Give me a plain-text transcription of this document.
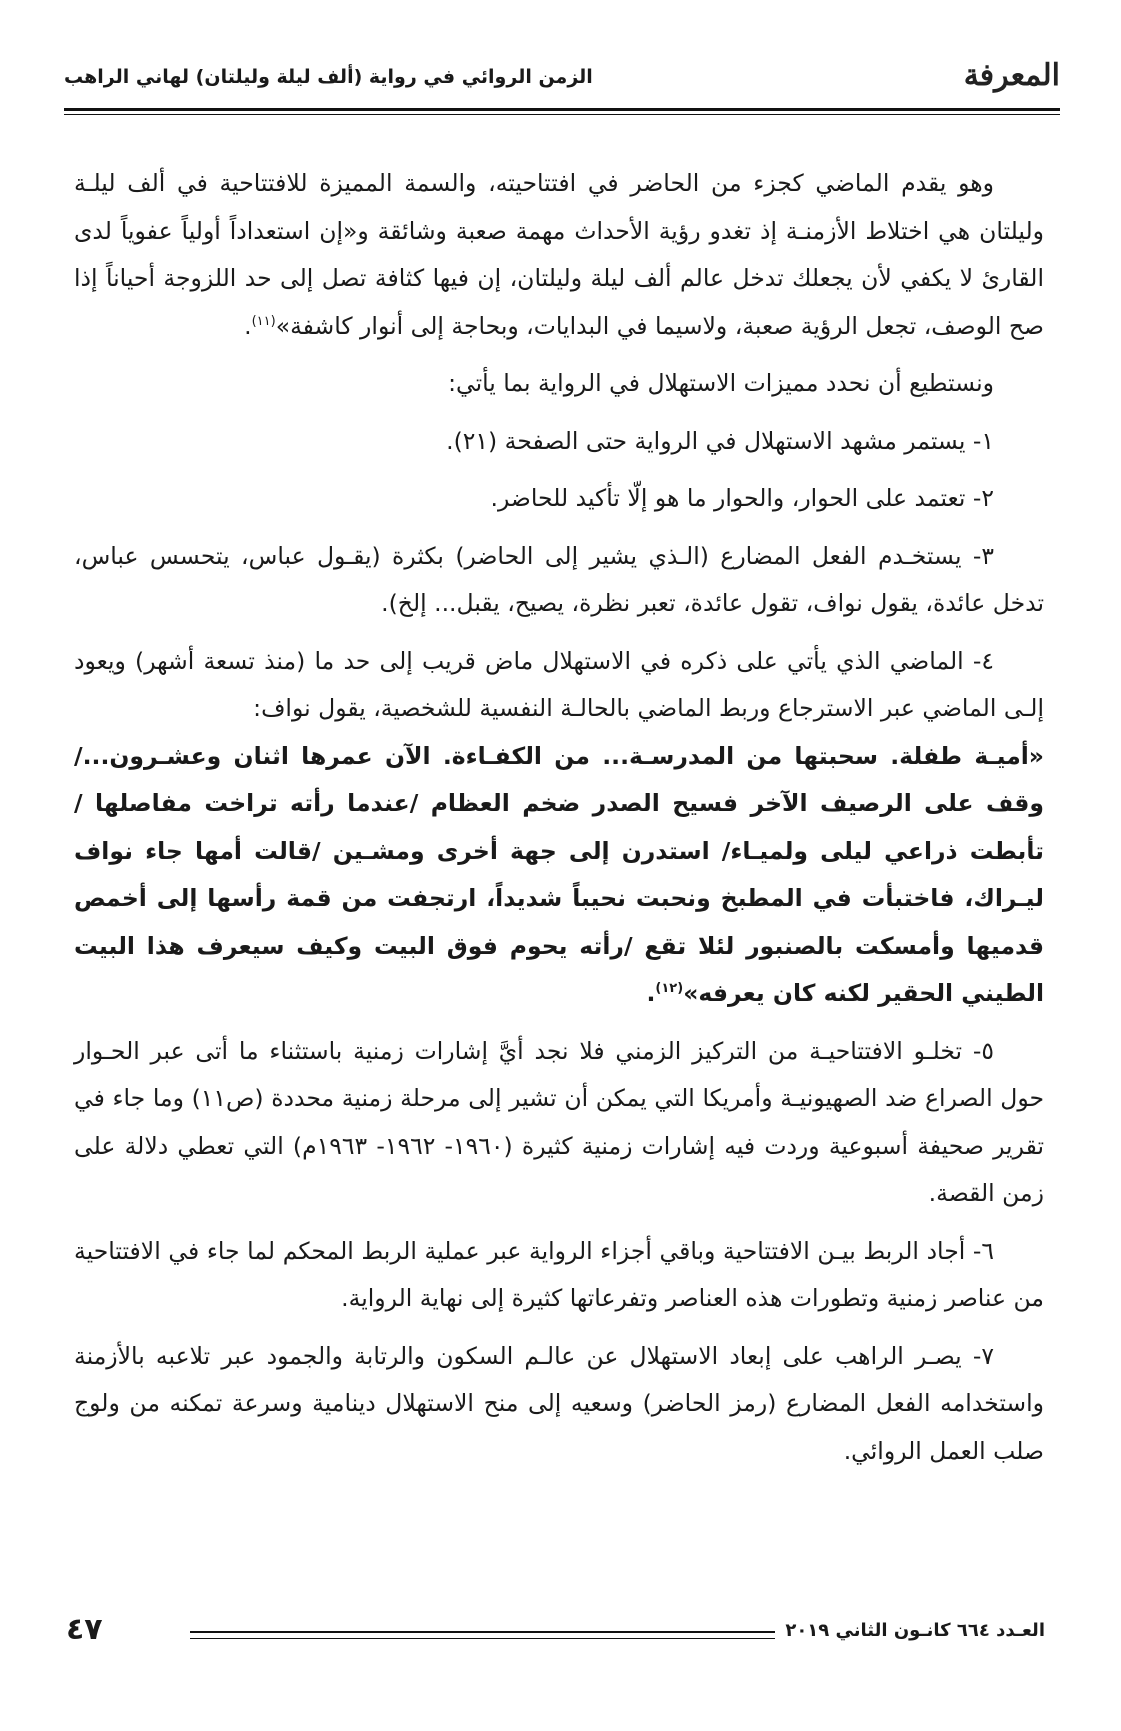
المعرفة
الزمن الروائي في رواية (ألف ليلة وليلتان) لهاني الراهب

وهو يقدم الماضي كجزء من الحاضر في افتتاحيته، والسمة المميزة للافتتاحية في ألف ليلـة وليلتان هي اختلاط الأزمنـة إذ تغدو رؤية الأحداث مهمة صعبة وشائقة و«إن استعداداً أولياً عفوياً لدى القارئ لا يكفي لأن يجعلك تدخل عالم ألف ليلة وليلتان، إن فيها كثافة تصل إلى حد اللزوجة أحياناً إذا صح الوصف، تجعل الرؤية صعبة، ولاسيما في البدايات، وبحاجة إلى أنوار كاشفة»$^{(١١)}$.

ونستطيع أن نحدد مميزات الاستهلال في الرواية بما يأتي:

١- يستمر مشهد الاستهلال في الرواية حتى الصفحة (٢١).

٢- تعتمد على الحوار، والحوار ما هو إلّا تأكيد للحاضر.

٣- يستخـدم الفعل المضارع (الـذي يشير إلى الحاضر) بكثرة (يقـول عباس، يتحسس عباس، تدخل عائدة، يقول نواف، تقول عائدة، تعبر نظرة، يصيح، يقبل... إلخ).

٤- الماضي الذي يأتي على ذكره في الاستهلال ماض قريب إلى حد ما (منذ تسعة أشهر) ويعود إلـى الماضي عبر الاسترجاع وربط الماضي بالحالـة النفسية للشخصية، يقول نواف:

«أميـة طفلة. سحبتها من المدرسـة... من الكفـاءة. الآن عمرها اثنان وعشـرون.../ وقف على الرصيف الآخر فسيح الصدر ضخم العظام /عندما رأته تراخت مفاصلها / تأبطت ذراعي ليلى ولميـاء/ استدرن إلى جهة أخرى ومشـين /قالت أمها جاء نواف ليـراك، فاختبأت في المطبخ ونحبت نحيباً شديداً، ارتجفت من قمة رأسها إلى أخمص قدميها وأمسكت بالصنبور لئلا تقع /رأته يحوم فوق البيت وكيف سيعرف هذا البيت الطيني الحقير لكنه كان يعرفه»$^{(١٢)}$.

٥- تخلـو الافتتاحيـة من التركيز الزمني فلا نجد أيَّ إشارات زمنية باستثناء ما أتى عبر الحـوار حول الصراع ضد الصهيونيـة وأمريكا التي يمكن أن تشير إلى مرحلة زمنية محددة (ص١١) وما جاء في تقرير صحيفة أسبوعية وردت فيه إشارات زمنية كثيرة (١٩٦٠- ١٩٦٢- ١٩٦٣م) التي تعطي دلالة على زمن القصة.

٦- أجاد الربط بيـن الافتتاحية وباقي أجزاء الرواية عبر عملية الربط المحكم لما جاء في الافتتاحية من عناصر زمنية وتطورات هذه العناصر وتفرعاتها كثيرة إلى نهاية الرواية.

٧- يصـر الراهب على إبعاد الاستهلال عن عالـم السكون والرتابة والجمود عبر تلاعبه بالأزمنة واستخدامه الفعل المضارع (رمز الحاضر) وسعيه إلى منح الاستهلال دينامية وسرعة تمكنه من ولوج صلب العمل الروائي.

العـدد ٦٦٤ كانـون الثاني ٢٠١٩
٤٧
